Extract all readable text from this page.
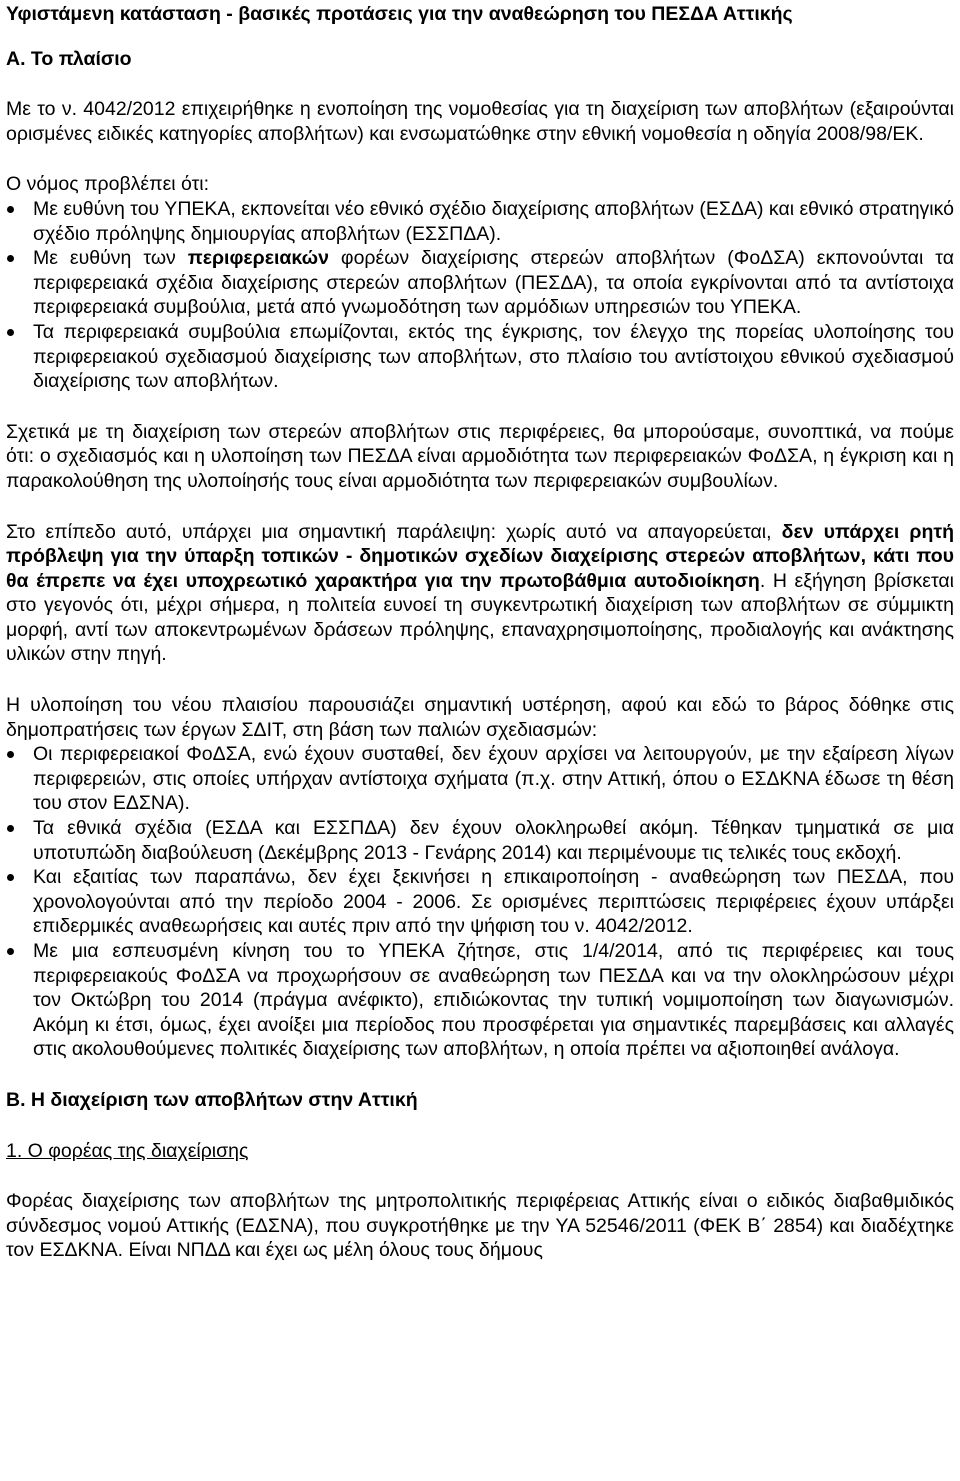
Υφιστάμενη κατάσταση - βασικές προτάσεις για την αναθεώρηση του ΠΕΣΔΑ Αττικής
Α. Το πλαίσιο

Με το ν. 4042/2012 επιχειρήθηκε η ενοποίηση της νομοθεσίας για τη διαχείριση των αποβλήτων (εξαιρούνται ορισμένες ειδικές κατηγορίες αποβλήτων) και ενσωματώθηκε στην εθνική νομοθεσία η οδηγία 2008/98/ΕΚ.

Ο νόμος προβλέπει ότι:

Με ευθύνη του ΥΠΕΚΑ, εκπονείται νέο εθνικό σχέδιο διαχείρισης αποβλήτων (ΕΣΔΑ) και εθνικό στρατηγικό σχέδιο πρόληψης δημιουργίας αποβλήτων (ΕΣΣΠΔΑ).
Με ευθύνη των περιφερειακών φορέων διαχείρισης στερεών αποβλήτων (ΦοΔΣΑ) εκπονούνται τα περιφερειακά σχέδια διαχείρισης στερεών αποβλήτων (ΠΕΣΔΑ), τα οποία εγκρίνονται από τα αντίστοιχα περιφερειακά συμβούλια, μετά από γνωμοδότηση των αρμόδιων υπηρεσιών του ΥΠΕΚΑ.
Τα περιφερειακά συμβούλια επωμίζονται, εκτός της έγκρισης, τον έλεγχο της πορείας υλοποίησης του περιφερειακού σχεδιασμού διαχείρισης των αποβλήτων, στο πλαίσιο του αντίστοιχου εθνικού σχεδιασμού διαχείρισης των αποβλήτων.

Σχετικά με τη διαχείριση των στερεών αποβλήτων στις περιφέρειες, θα μπορούσαμε, συνοπτικά, να πούμε ότι: ο σχεδιασμός και η υλοποίηση των ΠΕΣΔΑ είναι αρμοδιότητα των περιφερειακών ΦοΔΣΑ, η έγκριση και η παρακολούθηση της υλοποίησής τους είναι αρμοδιότητα των περιφερειακών συμβουλίων.

Στο επίπεδο αυτό, υπάρχει μια σημαντική παράλειψη: χωρίς αυτό να απαγορεύεται, δεν υπάρχει ρητή πρόβλεψη για την ύπαρξη τοπικών - δημοτικών σχεδίων διαχείρισης στερεών αποβλήτων, κάτι που θα έπρεπε να έχει υποχρεωτικό χαρακτήρα για την πρωτοβάθμια αυτοδιοίκηση. Η εξήγηση βρίσκεται στο γεγονός ότι, μέχρι σήμερα, η πολιτεία ευνοεί τη συγκεντρωτική διαχείριση των αποβλήτων σε σύμμικτη μορφή, αντί των αποκεντρωμένων δράσεων πρόληψης, επαναχρησιμοποίησης, προδιαλογής και ανάκτησης υλικών στην πηγή.

Η υλοποίηση του νέου πλαισίου παρουσιάζει σημαντική υστέρηση, αφού και εδώ το βάρος δόθηκε στις δημοπρατήσεις των έργων ΣΔΙΤ, στη βάση των παλιών σχεδιασμών:

Οι περιφερειακοί ΦοΔΣΑ, ενώ έχουν συσταθεί, δεν έχουν αρχίσει να λειτουργούν, με την εξαίρεση λίγων περιφερειών, στις οποίες υπήρχαν αντίστοιχα σχήματα (π.χ. στην Αττική, όπου ο ΕΣΔΚΝΑ έδωσε τη θέση του στον ΕΔΣΝΑ).
Τα εθνικά σχέδια (ΕΣΔΑ και ΕΣΣΠΔΑ) δεν έχουν ολοκληρωθεί ακόμη. Τέθηκαν τμηματικά σε μια υποτυπώδη διαβούλευση (Δεκέμβρης 2013 - Γενάρης 2014) και περιμένουμε τις τελικές τους εκδοχή.
Και εξαιτίας των παραπάνω, δεν έχει ξεκινήσει η επικαιροποίηση - αναθεώρηση των ΠΕΣΔΑ, που χρονολογούνται από την περίοδο 2004 - 2006. Σε ορισμένες περιπτώσεις περιφέρειες έχουν υπάρξει επιδερμικές αναθεωρήσεις και αυτές πριν από την ψήφιση του ν. 4042/2012.
Με μια εσπευσμένη κίνηση του το ΥΠΕΚΑ ζήτησε, στις 1/4/2014, από τις περιφέρειες και τους περιφερειακούς ΦοΔΣΑ να προχωρήσουν σε αναθεώρηση των ΠΕΣΔΑ και να την ολοκληρώσουν μέχρι τον Οκτώβρη του 2014 (πράγμα ανέφικτο), επιδιώκοντας την τυπική νομιμοποίηση των διαγωνισμών. Ακόμη κι έτσι, όμως, έχει ανοίξει μια περίοδος που προσφέρεται για σημαντικές παρεμβάσεις και αλλαγές στις ακολουθούμενες πολιτικές διαχείρισης των αποβλήτων, η οποία πρέπει να αξιοποιηθεί ανάλογα.
Β. Η διαχείριση των αποβλήτων στην Αττική
1. Ο φορέας της διαχείρισης

Φορέας διαχείρισης των αποβλήτων της μητροπολιτικής περιφέρειας Αττικής είναι ο ειδικός διαβαθμιδικός σύνδεσμος νομού Αττικής (ΕΔΣΝΑ), που συγκροτήθηκε με την ΥΑ 52546/2011 (ΦΕΚ Β΄ 2854) και διαδέχτηκε τον ΕΣΔΚΝΑ. Είναι ΝΠΔΔ και έχει ως μέλη όλους τους δήμους
